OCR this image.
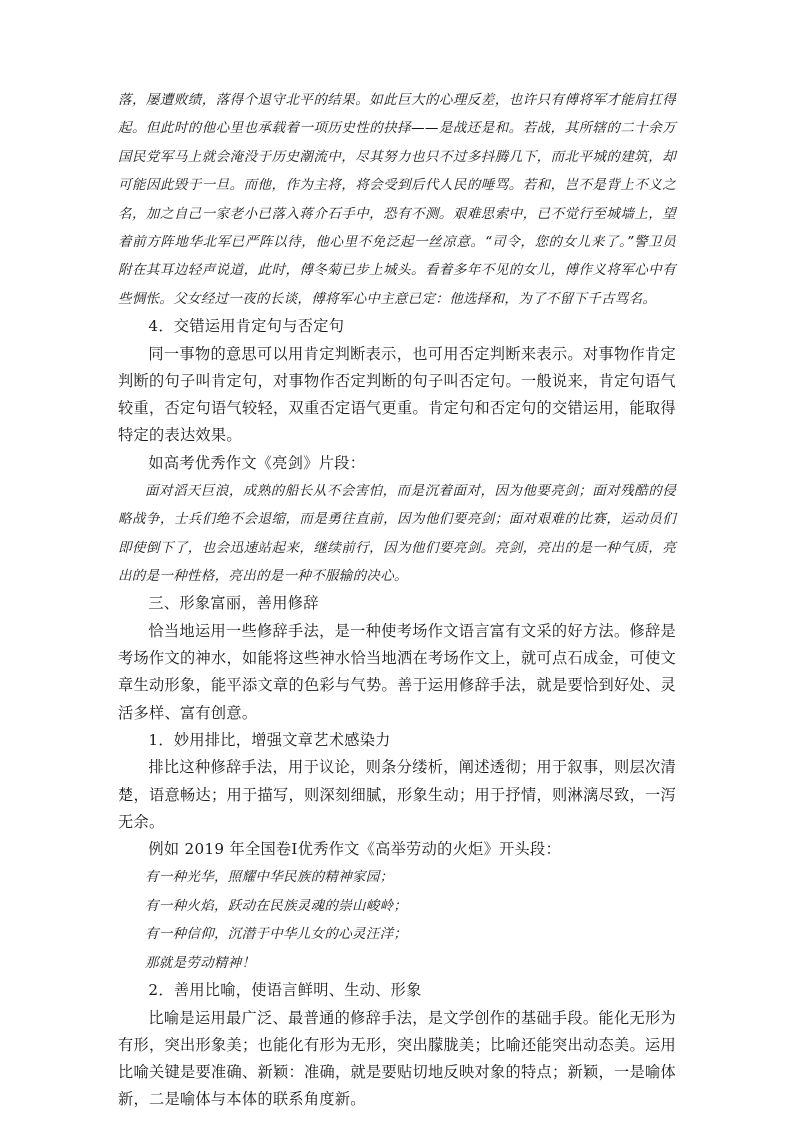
落，屡遭败绩，落得个退守北平的结果。如此巨大的心理反差，也许只有傅将军才能肩扛得起。但此时的他心里也承载着一项历史性的抉择——是战还是和。若战，其所辖的二十余万国民党军马上就会淹没于历史潮流中，尽其努力也只不过多抖腾几下，而北平城的建筑，却可能因此毁于一旦。而他，作为主将，将会受到后代人民的唾骂。若和，岂不是背上不义之名，加之自己一家老小已落入蒋介石手中，恐有不测。艰难思索中，已不觉行至城墙上，望着前方阵地华北军已严阵以待，他心里不免泛起一丝凉意。“司令，您的女儿来了。”警卫员附在其耳边轻声说道，此时，傅冬菊已步上城头。看着多年不见的女儿，傅作义将军心中有些惆怅。父女经过一夜的长谈，傅将军心中主意已定：他选择和，为了不留下千古骂名。

4．交错运用肯定句与否定句

同一事物的意思可以用肯定判断表示，也可用否定判断来表示。对事物作肯定判断的句子叫肯定句，对事物作否定判断的句子叫否定句。一般说来，肯定句语气较重，否定句语气较轻，双重否定语气更重。肯定句和否定句的交错运用，能取得特定的表达效果。

如高考优秀作文《亮剑》片段：

面对滔天巨浪，成熟的船长从不会害怕，而是沉着面对，因为他要亮剑；面对残酷的侵略战争，士兵们绝不会退缩，而是勇往直前，因为他们要亮剑；面对艰难的比赛，运动员们即使倒下了，也会迅速站起来，继续前行，因为他们要亮剑。亮剑，亮出的是一种气质，亮出的是一种性格，亮出的是一种不服输的决心。

三、形象富丽，善用修辞

恰当地运用一些修辞手法，是一种使考场作文语言富有文采的好方法。修辞是考场作文的神水，如能将这些神水恰当地洒在考场作文上，就可点石成金，可使文章生动形象，能平添文章的色彩与气势。善于运用修辞手法，就是要恰到好处、灵活多样、富有创意。

1．妙用排比，增强文章艺术感染力

排比这种修辞手法，用于议论，则条分缕析，阐述透彻；用于叙事，则层次清楚，语意畅达；用于描写，则深刻细腻，形象生动；用于抒情，则淋漓尽致，一泻无余。

例如 2019 年全国卷Ⅰ优秀作文《高举劳动的火炬》开头段：

有一种光华，照耀中华民族的精神家园；

有一种火焰，跃动在民族灵魂的崇山峻岭；

有一种信仰，沉潜于中华儿女的心灵汪洋；

那就是劳动精神！

2．善用比喻，使语言鲜明、生动、形象

比喻是运用最广泛、最普通的修辞手法，是文学创作的基础手段。能化无形为有形，突出形象美；也能化有形为无形，突出朦胧美；比喻还能突出动态美。运用比喻关键是要准确、新颖：准确，就是要贴切地反映对象的特点；新颖，一是喻体新，二是喻体与本体的联系角度新。
